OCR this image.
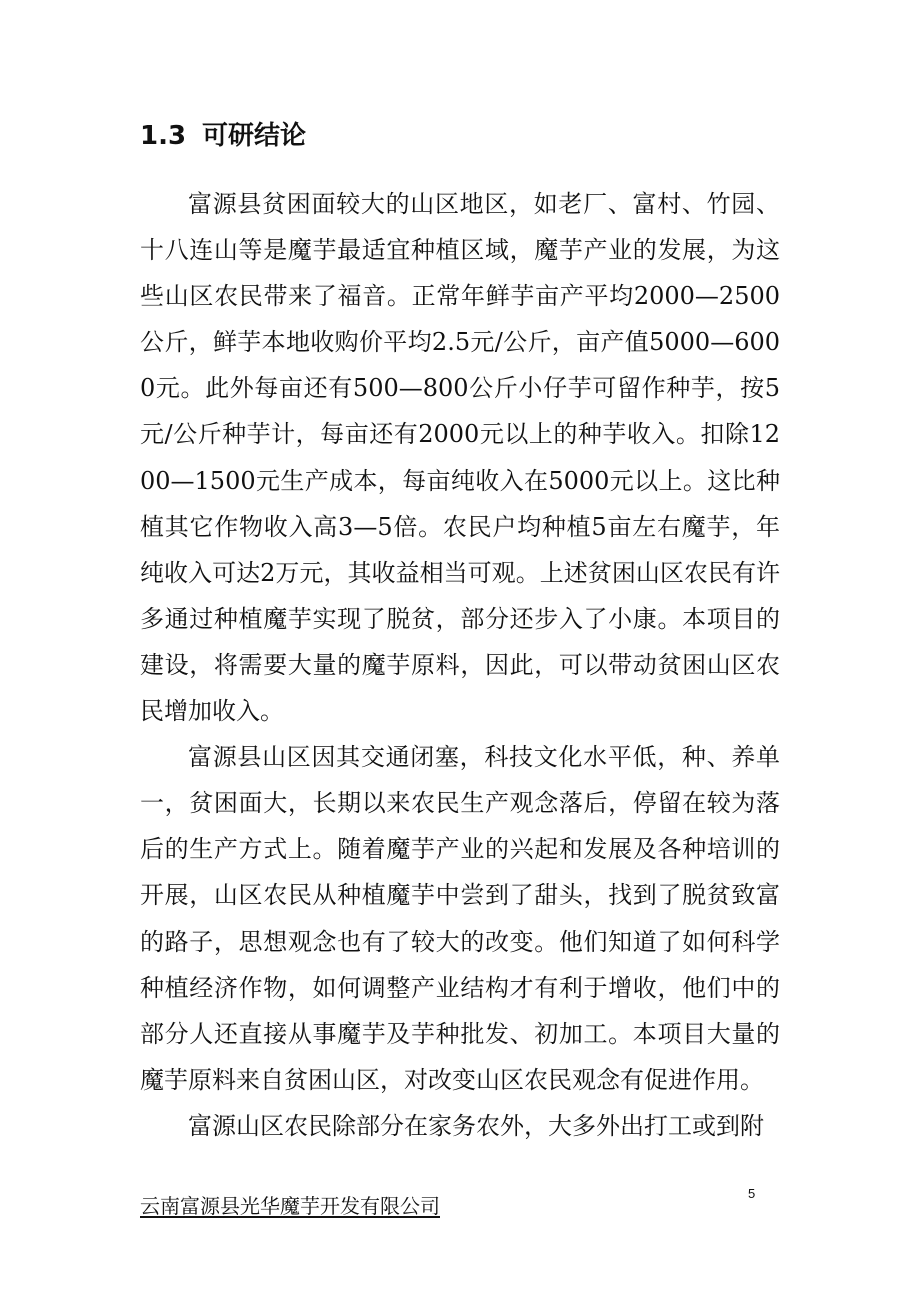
1.3 可研结论

富源县贫困面较大的山区地区，如老厂、富村、竹园、十八连山等是魔芋最适宜种植区域，魔芋产业的发展，为这些山区农民带来了福音。正常年鲜芋亩产平均2000—2500公斤，鲜芋本地收购价平均2.5元/公斤，亩产值5000—6000元。此外每亩还有500—800公斤小仔芋可留作种芋，按5元/公斤种芋计，每亩还有2000元以上的种芋收入。扣除1200—1500元生产成本，每亩纯收入在5000元以上。这比种植其它作物收入高3—5倍。农民户均种植5亩左右魔芋，年纯收入可达2万元，其收益相当可观。上述贫困山区农民有许多通过种植魔芋实现了脱贫，部分还步入了小康。本项目的建设，将需要大量的魔芋原料，因此，可以带动贫困山区农民增加收入。

富源县山区因其交通闭塞，科技文化水平低，种、养单一，贫困面大，长期以来农民生产观念落后，停留在较为落后的生产方式上。随着魔芋产业的兴起和发展及各种培训的开展，山区农民从种植魔芋中尝到了甜头，找到了脱贫致富的路子，思想观念也有了较大的改变。他们知道了如何科学种植经济作物，如何调整产业结构才有利于增收，他们中的部分人还直接从事魔芋及芋种批发、初加工。本项目大量的魔芋原料来自贫困山区，对改变山区农民观念有促进作用。

富源山区农民除部分在家务农外，大多外出打工或到附

5
云南富源县光华魔芋开发有限公司
